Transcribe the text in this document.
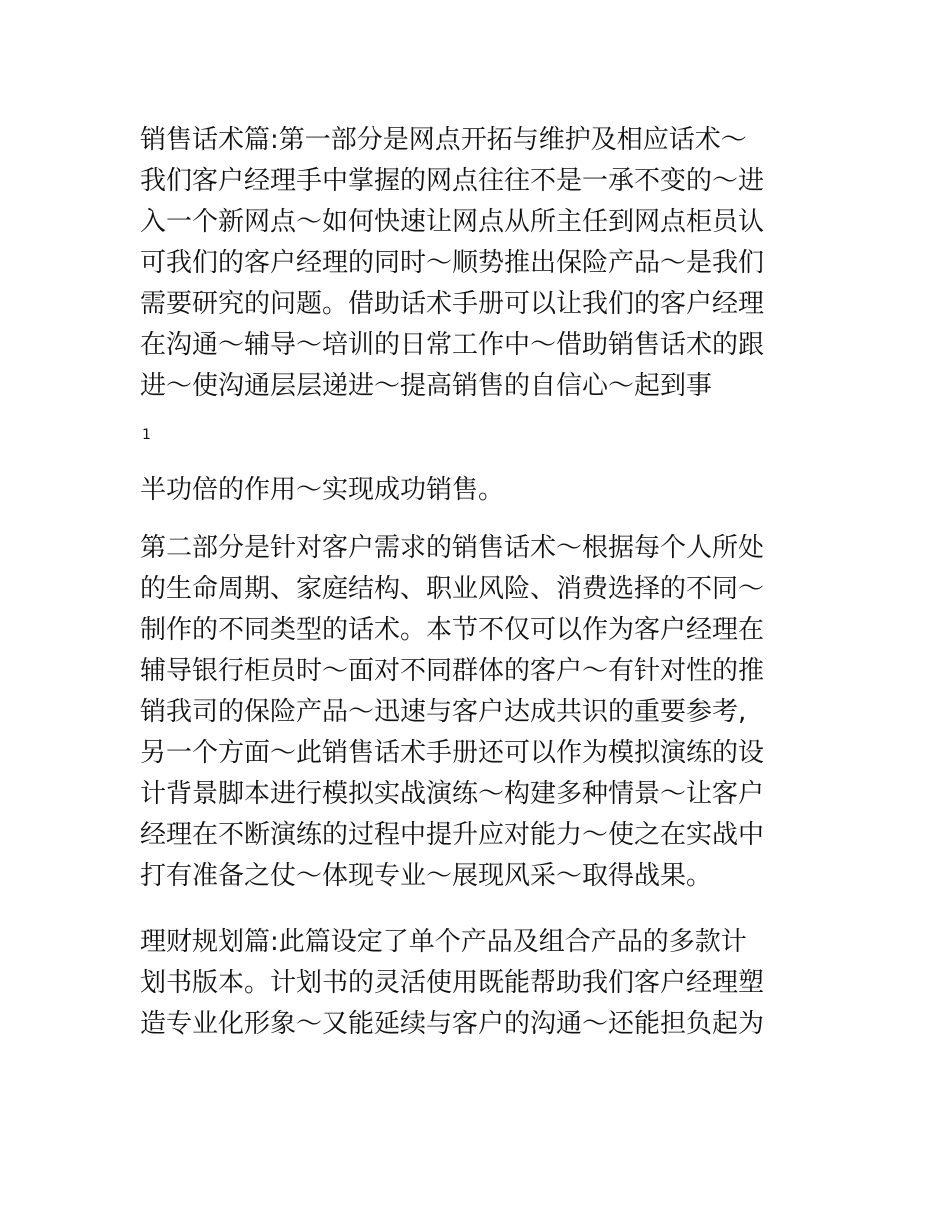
销售话术篇:第一部分是网点开拓与维护及相应话术～
我们客户经理手中掌握的网点往往不是一承不变的～进
入一个新网点～如何快速让网点从所主任到网点柜员认
可我们的客户经理的同时～顺势推出保险产品～是我们
需要研究的问题。借助话术手册可以让我们的客户经理
在沟通～辅导～培训的日常工作中～借助销售话术的跟
进～使沟通层层递进～提高销售的自信心～起到事

1

半功倍的作用～实现成功销售。

第二部分是针对客户需求的销售话术～根据每个人所处
的生命周期、家庭结构、职业风险、消费选择的不同～
制作的不同类型的话术。本节不仅可以作为客户经理在
辅导银行柜员时～面对不同群体的客户～有针对性的推
销我司的保险产品～迅速与客户达成共识的重要参考,
另一个方面～此销售话术手册还可以作为模拟演练的设
计背景脚本进行模拟实战演练～构建多种情景～让客户
经理在不断演练的过程中提升应对能力～使之在实战中
打有准备之仗～体现专业～展现风采～取得战果。

理财规划篇:此篇设定了单个产品及组合产品的多款计
划书版本。计划书的灵活使用既能帮助我们客户经理塑
造专业化形象～又能延续与客户的沟通～还能担负起为
